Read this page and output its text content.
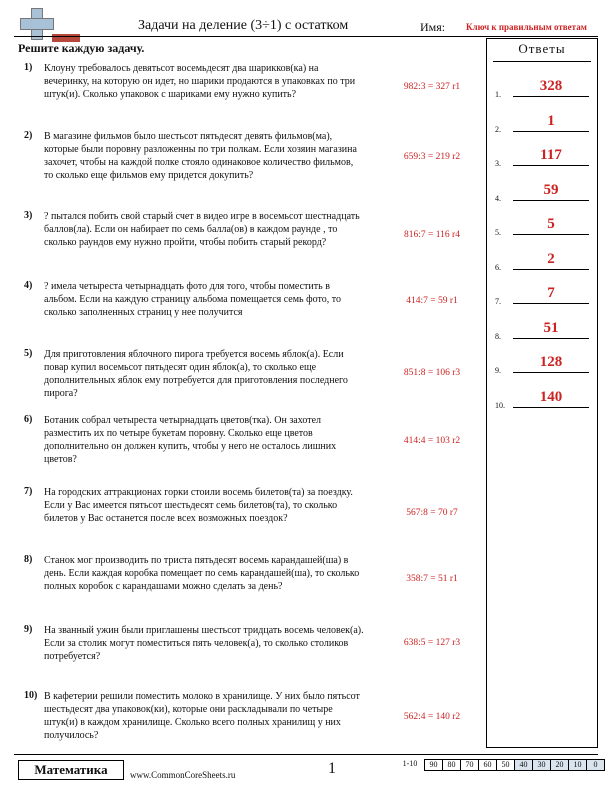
Задачи на деление (3÷1) с остатком	Имя: Ключ к правильным ответам
Решите каждую задачу.
1) Клоуну требовалось девятьсот восемьдесят два шарикков(ка) на вечеринку, на которую он идет, но шарики продаются в упаковках по три штук(и). Сколько упаковок с шариками ему нужно купить?
982:3 = 327 r1
2) В магазине фильмов было шестьсот пятьдесят девять фильмов(ма), которые были поровну разложенны по три полкам. Если хозяин магазина захочет, чтобы на каждой полке стояло одинаковое количество фильмов, то сколько еще фильмов ему придется докупить?
659:3 = 219 r2
3) ? пытался побить свой старый счет в видео игре в восемьсот шестнадцать баллов(ла). Если он набирает по семь балла(ов) в каждом раунде , то сколько раундов ему нужно пройти, чтобы побить старый рекорд?
816:7 = 116 r4
4) ? имела четыреста четырнадцать фото для того, чтобы поместить в альбом. Если на каждую страницу альбома помещается семь фото, то сколько заполненных страниц у нее получится
414:7 = 59 r1
5) Для приготовления яблочного пирога требуется восемь яблок(а). Если повар купил восемьсот пятьдесят один яблок(а), то сколько еще дополнительных яблок ему потребуется для приготовления последнего пирога?
851:8 = 106 r3
6) Ботаник собрал четыреста четырнадцать цветов(тка). Он захотел разместить их по четыре букетам поровну. Сколько еще цветов дополнительно он должен купить, чтобы у него не осталось лишних цветов?
414:4 = 103 r2
7) На городских аттракционах горки стоили восемь билетов(та) за поездку. Если у Вас имеется пятьсот шестьдесят семь билетов(та), то сколько билетов у Вас останется после всех возможных поездок?	567:8 = 70 r7
8) Станок мог производить по триста пятьдесят восемь карандашей(ша) в день. Если каждая коробка помещает по семь карандашей(ша), то сколько полных коробок с карандашами можно сделать за день?
358:7 = 51 r1
9) На званный ужин были приглашены шестьсот тридцать восемь человек(а). Если за столик могут поместиться пять человек(а), то сколько столиков потребуется?
638:5 = 127 r3
10) В кафетерии решили поместить молоко в хранилище. У них было пятьсот шестьдесят два упаковок(ки), которые они раскладывали по четыре штук(и) в каждом хранилище. Сколько всего полных хранилищ у них получилось?
562:4 = 140 r2
Ответы
1.
328
2.
1
3.
117
4.
59
5.
5
6.
2
7.
7
8.
51
9.
128
10.
140
Математика	www.CommonCoreSheets.ru	1	1-10	90	80	70	60	50	40	30	20	10	0
